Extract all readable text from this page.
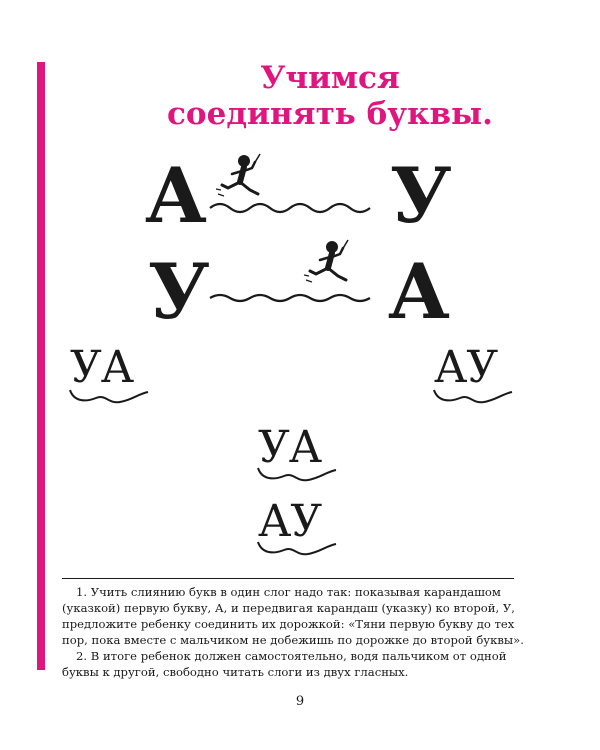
Учимся
соединять буквы.
А У
У А
УА	АУ
УА
АУ
1. Учить слиянию букв в один слог надо так: показывая карандашом
(указкой) первую букву, А, и передвигая карандаш (указку) ко второй, У,
предложите ребенку соединить их дорожкой: «Тяни первую букву до тех
пор, пока вместе с мальчиком не добежишь по дорожке до второй буквы».
2. В итоге ребенок должен самостоятельно, водя пальчиком от одной
буквы к другой, свободно читать слоги из двух гласных.
9
